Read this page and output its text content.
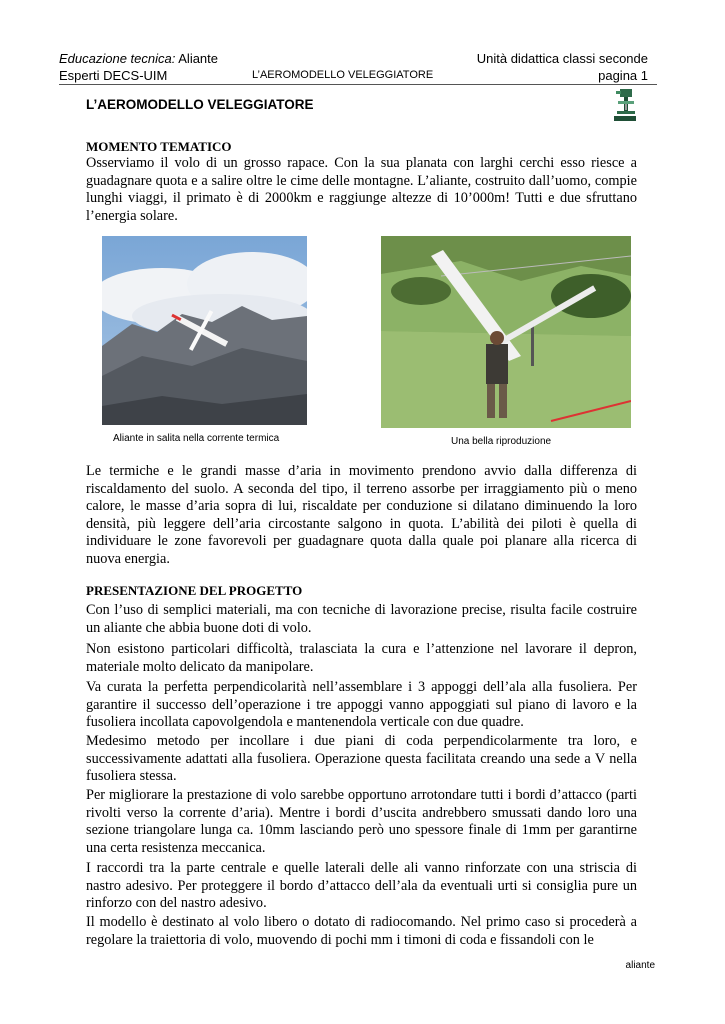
Educazione tecnica: Aliante	Unità didattica classi seconde
Esperti DECS-UIM	L’AEROMODELLO VELEGGIATORE	pagina 1
L’AEROMODELLO VELEGGIATORE
MOMENTO TEMATICO

Osserviamo il volo di un grosso rapace. Con la sua planata con larghi cerchi esso riesce a guadagnare quota e a salire oltre le cime delle montagne. L’aliante, costruito dall’uomo, compie lunghi viaggi, il primato è di 2000km e raggiunge altezze di 10’000m! Tutti e due sfruttano l’energia solare.

Aliante in salita nella corrente termica	Una bella riproduzione

Le termiche e le grandi masse d’aria in movimento prendono avvio dalla differenza di riscaldamento del suolo. A seconda del tipo, il terreno assorbe per irraggiamento più o meno calore, le masse d’aria sopra di lui, riscaldate per conduzione si dilatano diminuendo la loro densità, più leggere dell’aria circostante salgono in quota. L’abilità dei piloti è quella di individuare le zone favorevoli per guadagnare quota dalla quale poi planare alla ricerca di nuova energia.

PRESENTAZIONE DEL PROGETTO

Con l’uso di semplici materiali, ma con tecniche di lavorazione precise, risulta facile costruire un aliante che abbia buone doti di volo.

Non esistono particolari difficoltà, tralasciata la cura e l’attenzione nel lavorare il depron, materiale molto delicato da manipolare.

Va curata la perfetta perpendicolarità nell’assemblare i 3 appoggi dell’ala alla fusoliera. Per garantire il successo dell’operazione i tre appoggi vanno appoggiati sul piano di lavoro e la fusoliera incollata capovolgendola e mantenendola verticale con due quadre.

Medesimo metodo per incollare i due piani di coda perpendicolarmente tra loro, e successivamente adattati alla fusoliera. Operazione questa facilitata creando una sede a V nella fusoliera stessa.

Per migliorare la prestazione di volo sarebbe opportuno arrotondare tutti i bordi d’attacco (parti rivolti verso la corrente d’aria). Mentre i bordi d’uscita andrebbero smussati dando loro una sezione triangolare lunga ca. 10mm lasciando però uno spessore finale di 1mm per garantirne una certa resistenza meccanica.

I raccordi tra la parte centrale e quelle laterali delle ali vanno rinforzate con una striscia di nastro adesivo. Per proteggere il bordo d’attacco dell’ala da eventuali urti si consiglia pure un rinforzo con del nastro adesivo.

Il modello è destinato al volo libero o dotato di radiocomando. Nel primo caso si procederà a regolare la traiettoria di volo, muovendo di pochi mm i timoni di coda e fissandoli con le

aliante
